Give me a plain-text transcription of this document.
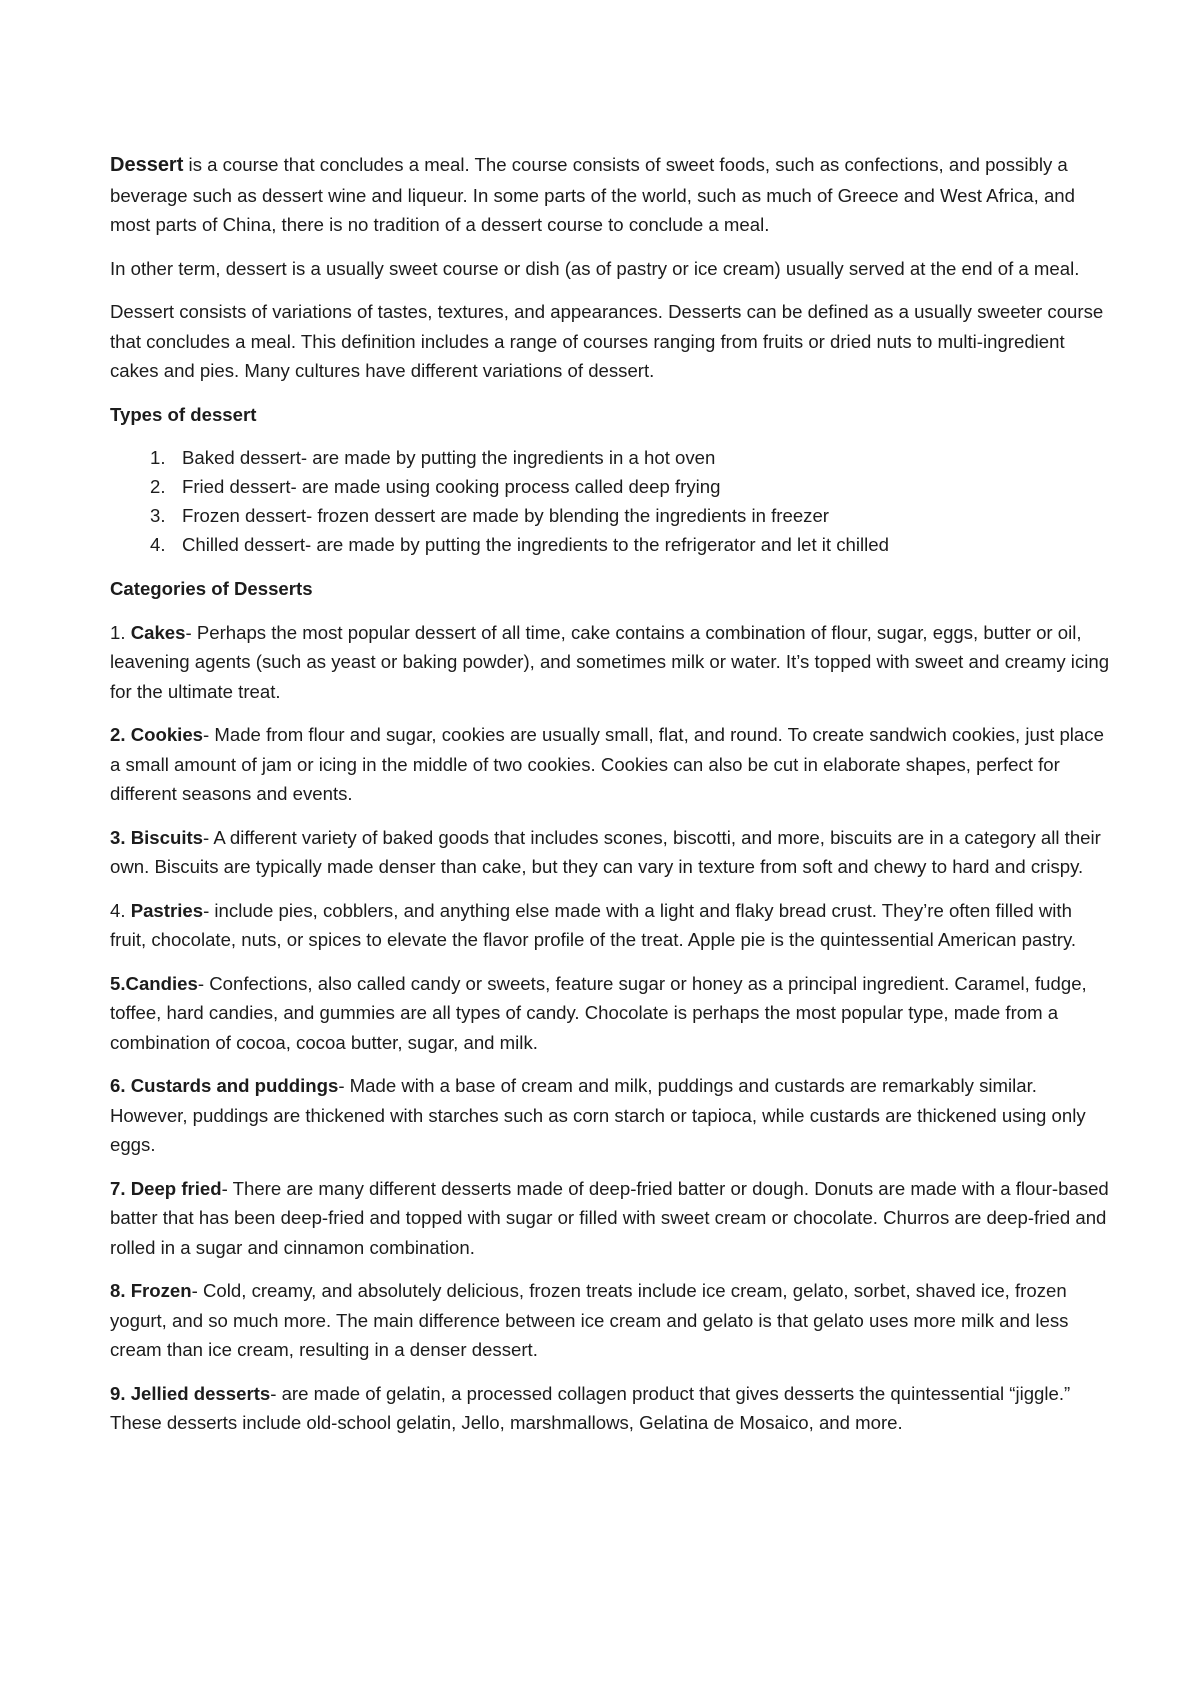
Dessert is a course that concludes a meal. The course consists of sweet foods, such as confections, and possibly a beverage such as dessert wine and liqueur. In some parts of the world, such as much of Greece and West Africa, and most parts of China, there is no tradition of a dessert course to conclude a meal.

In other term, dessert is a usually sweet course or dish (as of pastry or ice cream) usually served at the end of a meal.

Dessert consists of variations of tastes, textures, and appearances. Desserts can be defined as a usually sweeter course that concludes a meal. This definition includes a range of courses ranging from fruits or dried nuts to multi-ingredient cakes and pies. Many cultures have different variations of dessert.

Types of dessert

1. Baked dessert- are made by putting the ingredients in a hot oven
2. Fried dessert- are made using cooking process called deep frying
3. Frozen dessert- frozen dessert are made by blending the ingredients in freezer
4. Chilled dessert- are made by putting the ingredients to the refrigerator and let it chilled

Categories of Desserts

1. Cakes- Perhaps the most popular dessert of all time, cake contains a combination of flour, sugar, eggs, butter or oil, leavening agents (such as yeast or baking powder), and sometimes milk or water. It’s topped with sweet and creamy icing for the ultimate treat.

2. Cookies- Made from flour and sugar, cookies are usually small, flat, and round. To create sandwich cookies, just place a small amount of jam or icing in the middle of two cookies. Cookies can also be cut in elaborate shapes, perfect for different seasons and events.

3. Biscuits- A different variety of baked goods that includes scones, biscotti, and more, biscuits are in a category all their own. Biscuits are typically made denser than cake, but they can vary in texture from soft and chewy to hard and crispy.

4. Pastries- include pies, cobblers, and anything else made with a light and flaky bread crust. They’re often filled with fruit, chocolate, nuts, or spices to elevate the flavor profile of the treat. Apple pie is the quintessential American pastry.

5.Candies- Confections, also called candy or sweets, feature sugar or honey as a principal ingredient. Caramel, fudge, toffee, hard candies, and gummies are all types of candy. Chocolate is perhaps the most popular type, made from a combination of cocoa, cocoa butter, sugar, and milk.

6. Custards and puddings- Made with a base of cream and milk, puddings and custards are remarkably similar. However, puddings are thickened with starches such as corn starch or tapioca, while custards are thickened using only eggs.

7. Deep fried- There are many different desserts made of deep-fried batter or dough. Donuts are made with a flour-based batter that has been deep-fried and topped with sugar or filled with sweet cream or chocolate. Churros are deep-fried and rolled in a sugar and cinnamon combination.

8. Frozen- Cold, creamy, and absolutely delicious, frozen treats include ice cream, gelato, sorbet, shaved ice, frozen yogurt, and so much more. The main difference between ice cream and gelato is that gelato uses more milk and less cream than ice cream, resulting in a denser dessert.

9. Jellied desserts- are made of gelatin, a processed collagen product that gives desserts the quintessential “jiggle.” These desserts include old-school gelatin, Jello, marshmallows, Gelatina de Mosaico, and more.
